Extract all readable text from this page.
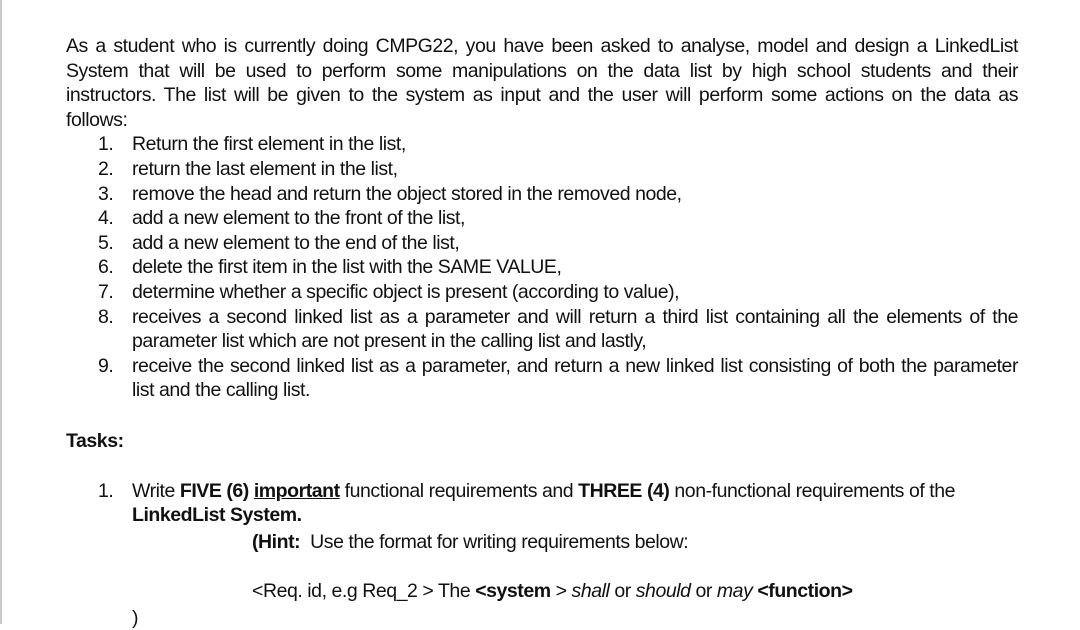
As a student who is currently doing CMPG22, you have been asked to analyse, model and design a LinkedList System that will be used to perform some manipulations on the data list by high school students and their instructors. The list will be given to the system as input and the user will perform some actions on the data as follows:

1. Return the first element in the list,
2. return the last element in the list,
3. remove the head and return the object stored in the removed node,
4. add a new element to the front of the list,
5. add a new element to the end of the list,
6. delete the first item in the list with the SAME VALUE,
7. determine whether a specific object is present (according to value),
8. receives a second linked list as a parameter and will return a third list containing all the elements of the parameter list which are not present in the calling list and lastly,
9. receive the second linked list as a parameter, and return a new linked list consisting of both the parameter list and the calling list.
Tasks:
1. Write FIVE (6) important functional requirements and THREE (4) non-functional requirements of the LinkedList System.
(Hint:  Use the format for writing requirements below:
<Req. id, e.g Req_2 > The <system > shall or should or may <function>
)
